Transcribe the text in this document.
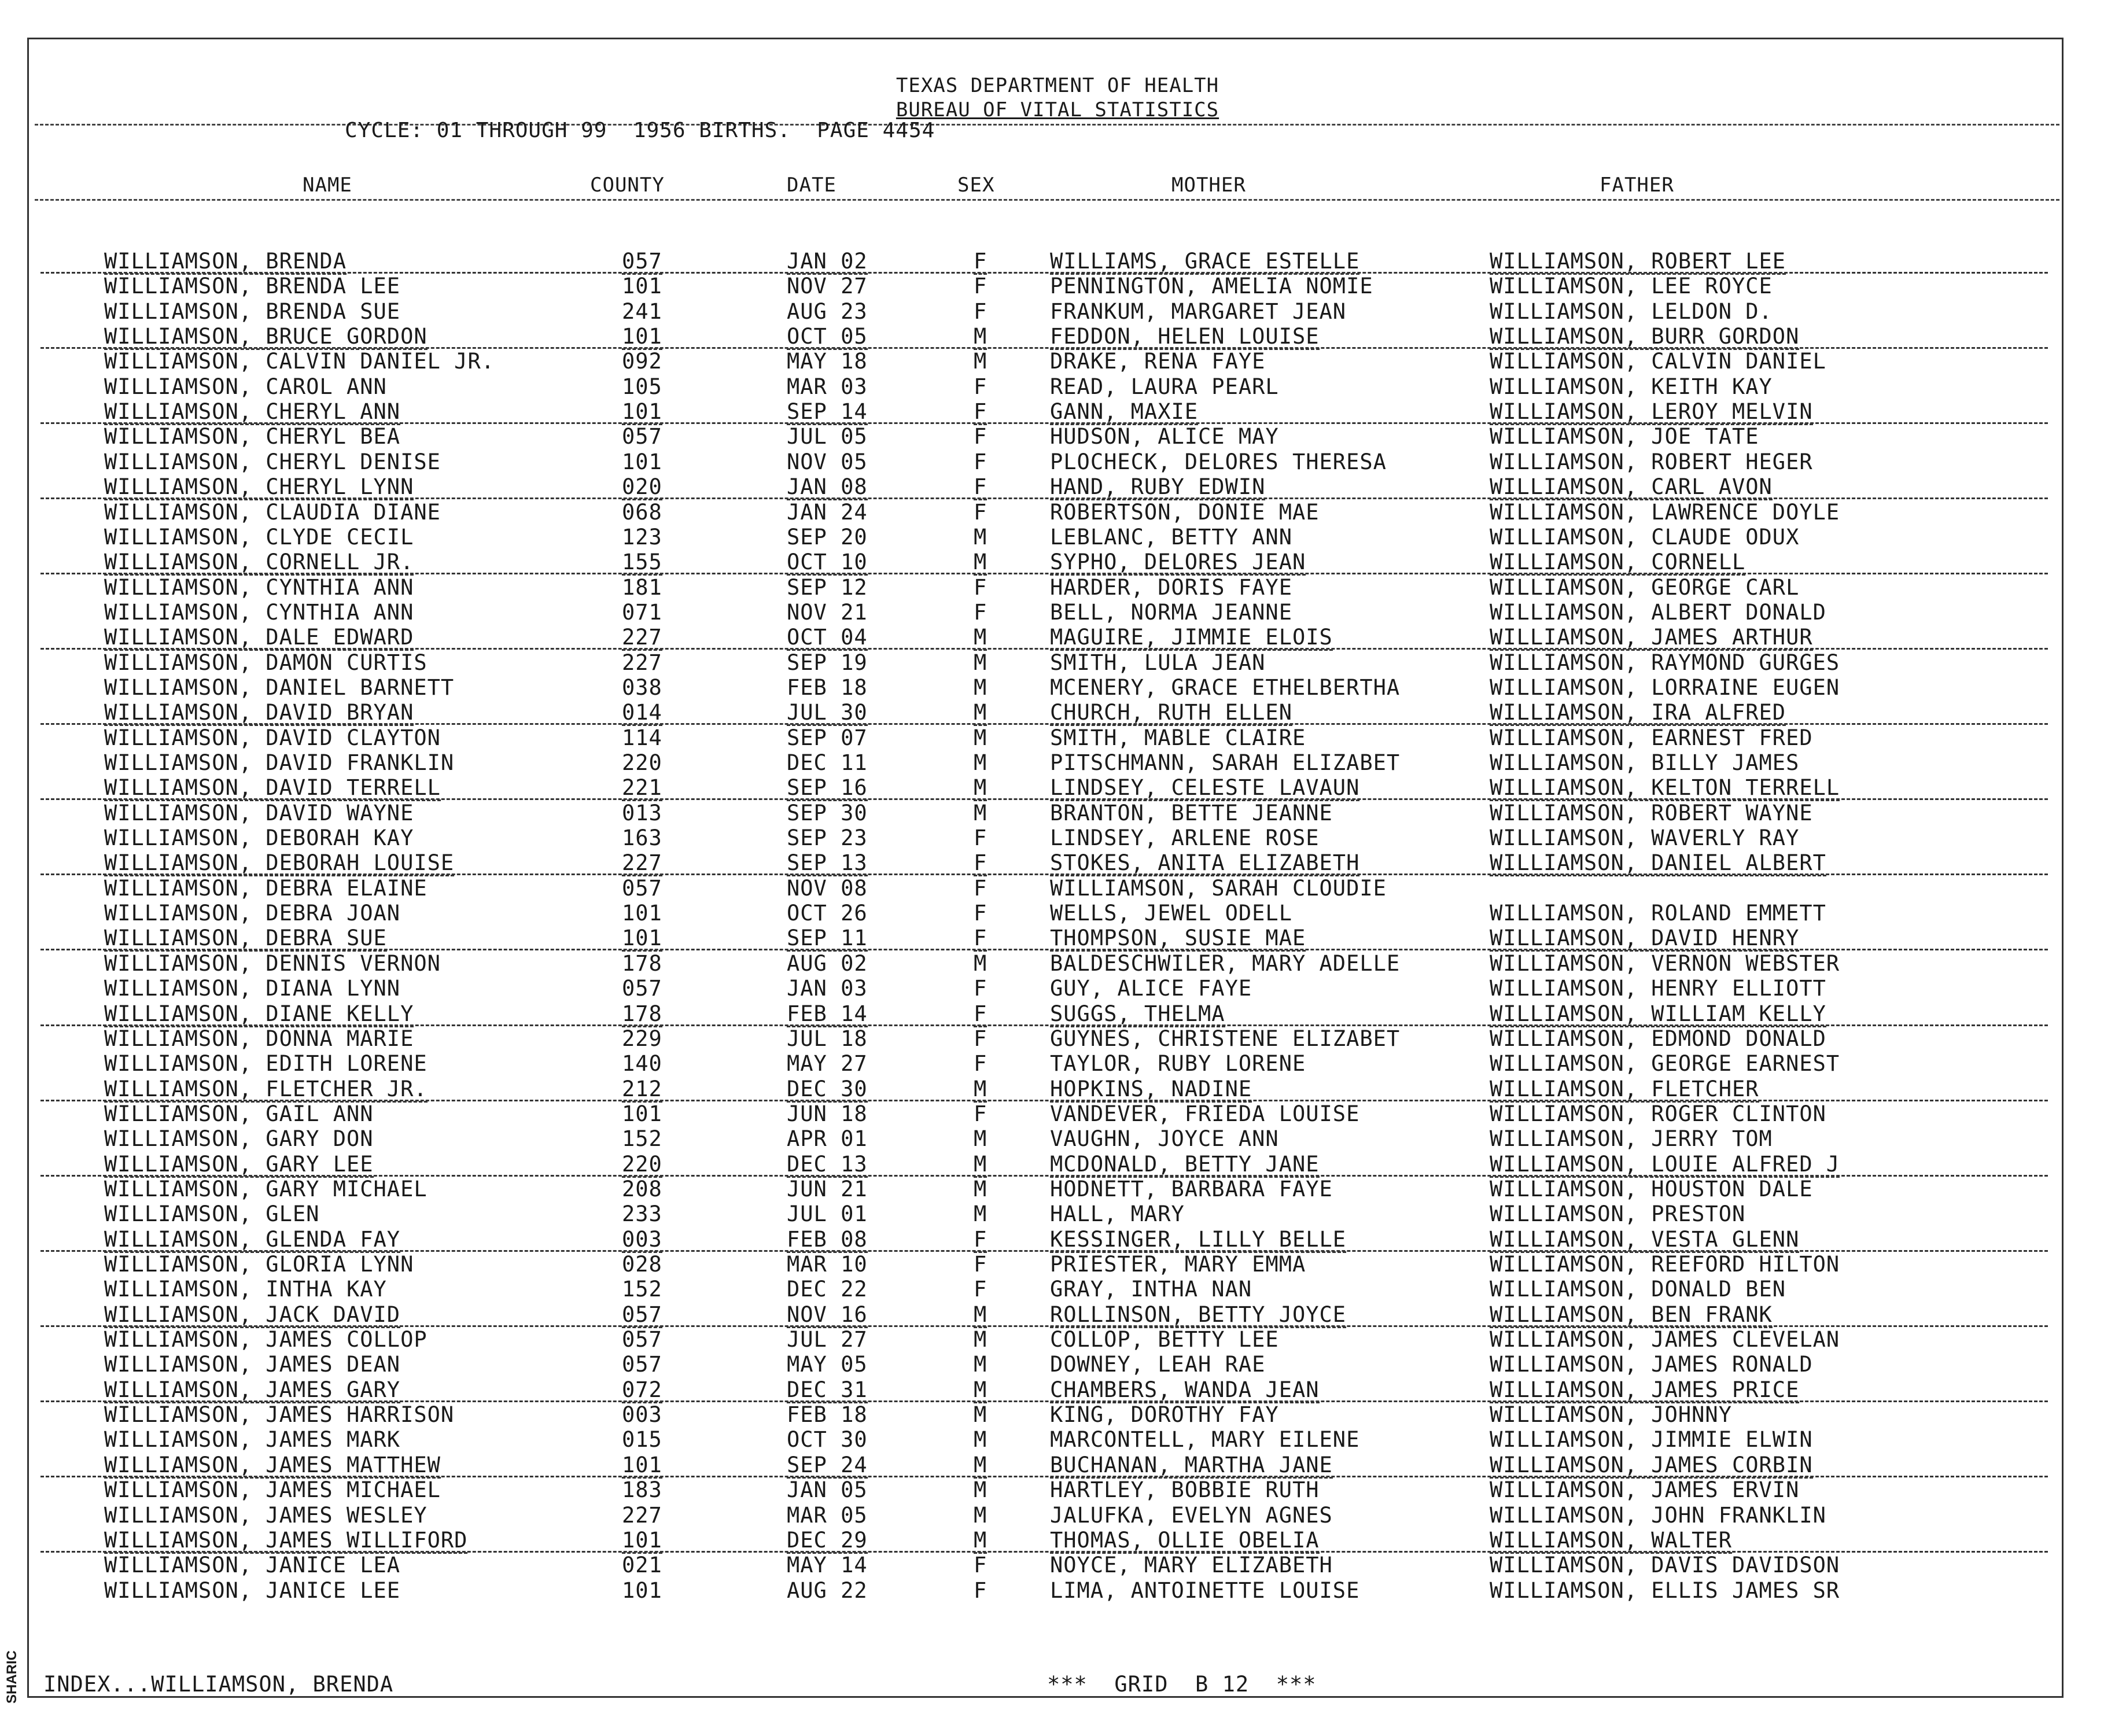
TEXAS DEPARTMENT OF HEALTH
BUREAU OF VITAL STATISTICS
CYCLE: 01 THROUGH 99  1956 BIRTHS.  PAGE 4454
NAME	COUNTY	DATE	SEX	MOTHER	FATHER
WILLIAMSON, BRENDA	057	JAN 02	F	WILLIAMS, GRACE ESTELLE	WILLIAMSON, ROBERT LEE
WILLIAMSON, BRENDA LEE	101	NOV 27	F	PENNINGTON, AMELIA NOMIE	WILLIAMSON, LEE ROYCE
WILLIAMSON, BRENDA SUE	241	AUG 23	F	FRANKUM, MARGARET JEAN	WILLIAMSON, LELDON D.
WILLIAMSON, BRUCE GORDON	101	OCT 05	M	FEDDON, HELEN LOUISE	WILLIAMSON, BURR GORDON
WILLIAMSON, CALVIN DANIEL JR.	092	MAY 18	M	DRAKE, RENA FAYE	WILLIAMSON, CALVIN DANIEL
WILLIAMSON, CAROL ANN	105	MAR 03	F	READ, LAURA PEARL	WILLIAMSON, KEITH KAY
WILLIAMSON, CHERYL ANN	101	SEP 14	F	GANN, MAXIE	WILLIAMSON, LEROY MELVIN
WILLIAMSON, CHERYL BEA	057	JUL 05	F	HUDSON, ALICE MAY	WILLIAMSON, JOE TATE
WILLIAMSON, CHERYL DENISE	101	NOV 05	F	PLOCHECK, DELORES THERESA	WILLIAMSON, ROBERT HEGER
WILLIAMSON, CHERYL LYNN	020	JAN 08	F	HAND, RUBY EDWIN	WILLIAMSON, CARL AVON
WILLIAMSON, CLAUDIA DIANE	068	JAN 24	F	ROBERTSON, DONIE MAE	WILLIAMSON, LAWRENCE DOYLE
WILLIAMSON, CLYDE CECIL	123	SEP 20	M	LEBLANC, BETTY ANN	WILLIAMSON, CLAUDE ODUX
WILLIAMSON, CORNELL JR.	155	OCT 10	M	SYPHO, DELORES JEAN	WILLIAMSON, CORNELL
WILLIAMSON, CYNTHIA ANN	181	SEP 12	F	HARDER, DORIS FAYE	WILLIAMSON, GEORGE CARL
WILLIAMSON, CYNTHIA ANN	071	NOV 21	F	BELL, NORMA JEANNE	WILLIAMSON, ALBERT DONALD
WILLIAMSON, DALE EDWARD	227	OCT 04	M	MAGUIRE, JIMMIE ELOIS	WILLIAMSON, JAMES ARTHUR
WILLIAMSON, DAMON CURTIS	227	SEP 19	M	SMITH, LULA JEAN	WILLIAMSON, RAYMOND GURGES
WILLIAMSON, DANIEL BARNETT	038	FEB 18	M	MCENERY, GRACE ETHELBERTHA	WILLIAMSON, LORRAINE EUGEN
WILLIAMSON, DAVID BRYAN	014	JUL 30	M	CHURCH, RUTH ELLEN	WILLIAMSON, IRA ALFRED
WILLIAMSON, DAVID CLAYTON	114	SEP 07	M	SMITH, MABLE CLAIRE	WILLIAMSON, EARNEST FRED
WILLIAMSON, DAVID FRANKLIN	220	DEC 11	M	PITSCHMANN, SARAH ELIZABET	WILLIAMSON, BILLY JAMES
WILLIAMSON, DAVID TERRELL	221	SEP 16	M	LINDSEY, CELESTE LAVAUN	WILLIAMSON, KELTON TERRELL
WILLIAMSON, DAVID WAYNE	013	SEP 30	M	BRANTON, BETTE JEANNE	WILLIAMSON, ROBERT WAYNE
WILLIAMSON, DEBORAH KAY	163	SEP 23	F	LINDSEY, ARLENE ROSE	WILLIAMSON, WAVERLY RAY
WILLIAMSON, DEBORAH LOUISE	227	SEP 13	F	STOKES, ANITA ELIZABETH	WILLIAMSON, DANIEL ALBERT
WILLIAMSON, DEBRA ELAINE	057	NOV 08	F	WILLIAMSON, SARAH CLOUDIE
WILLIAMSON, DEBRA JOAN	101	OCT 26	F	WELLS, JEWEL ODELL	WILLIAMSON, ROLAND EMMETT
WILLIAMSON, DEBRA SUE	101	SEP 11	F	THOMPSON, SUSIE MAE	WILLIAMSON, DAVID HENRY
WILLIAMSON, DENNIS VERNON	178	AUG 02	M	BALDESCHWILER, MARY ADELLE	WILLIAMSON, VERNON WEBSTER
WILLIAMSON, DIANA LYNN	057	JAN 03	F	GUY, ALICE FAYE	WILLIAMSON, HENRY ELLIOTT
WILLIAMSON, DIANE KELLY	178	FEB 14	F	SUGGS, THELMA	WILLIAMSON, WILLIAM KELLY
WILLIAMSON, DONNA MARIE	229	JUL 18	F	GUYNES, CHRISTENE ELIZABET	WILLIAMSON, EDMOND DONALD
WILLIAMSON, EDITH LORENE	140	MAY 27	F	TAYLOR, RUBY LORENE	WILLIAMSON, GEORGE EARNEST
WILLIAMSON, FLETCHER JR.	212	DEC 30	M	HOPKINS, NADINE	WILLIAMSON, FLETCHER
WILLIAMSON, GAIL ANN	101	JUN 18	F	VANDEVER, FRIEDA LOUISE	WILLIAMSON, ROGER CLINTON
WILLIAMSON, GARY DON	152	APR 01	M	VAUGHN, JOYCE ANN	WILLIAMSON, JERRY TOM
WILLIAMSON, GARY LEE	220	DEC 13	M	MCDONALD, BETTY JANE	WILLIAMSON, LOUIE ALFRED J
WILLIAMSON, GARY MICHAEL	208	JUN 21	M	HODNETT, BARBARA FAYE	WILLIAMSON, HOUSTON DALE
WILLIAMSON, GLEN	233	JUL 01	M	HALL, MARY	WILLIAMSON, PRESTON
WILLIAMSON, GLENDA FAY	003	FEB 08	F	KESSINGER, LILLY BELLE	WILLIAMSON, VESTA GLENN
WILLIAMSON, GLORIA LYNN	028	MAR 10	F	PRIESTER, MARY EMMA	WILLIAMSON, REEFORD HILTON
WILLIAMSON, INTHA KAY	152	DEC 22	F	GRAY, INTHA NAN	WILLIAMSON, DONALD BEN
WILLIAMSON, JACK DAVID	057	NOV 16	M	ROLLINSON, BETTY JOYCE	WILLIAMSON, BEN FRANK
WILLIAMSON, JAMES COLLOP	057	JUL 27	M	COLLOP, BETTY LEE	WILLIAMSON, JAMES CLEVELAN
WILLIAMSON, JAMES DEAN	057	MAY 05	M	DOWNEY, LEAH RAE	WILLIAMSON, JAMES RONALD
WILLIAMSON, JAMES GARY	072	DEC 31	M	CHAMBERS, WANDA JEAN	WILLIAMSON, JAMES PRICE
WILLIAMSON, JAMES HARRISON	003	FEB 18	M	KING, DOROTHY FAY	WILLIAMSON, JOHNNY
WILLIAMSON, JAMES MARK	015	OCT 30	M	MARCONTELL, MARY EILENE	WILLIAMSON, JIMMIE ELWIN
WILLIAMSON, JAMES MATTHEW	101	SEP 24	M	BUCHANAN, MARTHA JANE	WILLIAMSON, JAMES CORBIN
WILLIAMSON, JAMES MICHAEL	183	JAN 05	M	HARTLEY, BOBBIE RUTH	WILLIAMSON, JAMES ERVIN
WILLIAMSON, JAMES WESLEY	227	MAR 05	M	JALUFKA, EVELYN AGNES	WILLIAMSON, JOHN FRANKLIN
WILLIAMSON, JAMES WILLIFORD	101	DEC 29	M	THOMAS, OLLIE OBELIA	WILLIAMSON, WALTER
WILLIAMSON, JANICE LEA	021	MAY 14	F	NOYCE, MARY ELIZABETH	WILLIAMSON, DAVIS DAVIDSON
WILLIAMSON, JANICE LEE	101	AUG 22	F	LIMA, ANTOINETTE LOUISE	WILLIAMSON, ELLIS JAMES SR
INDEX...WILLIAMSON, BRENDA	***  GRID  B 12  ***
SHARIC
